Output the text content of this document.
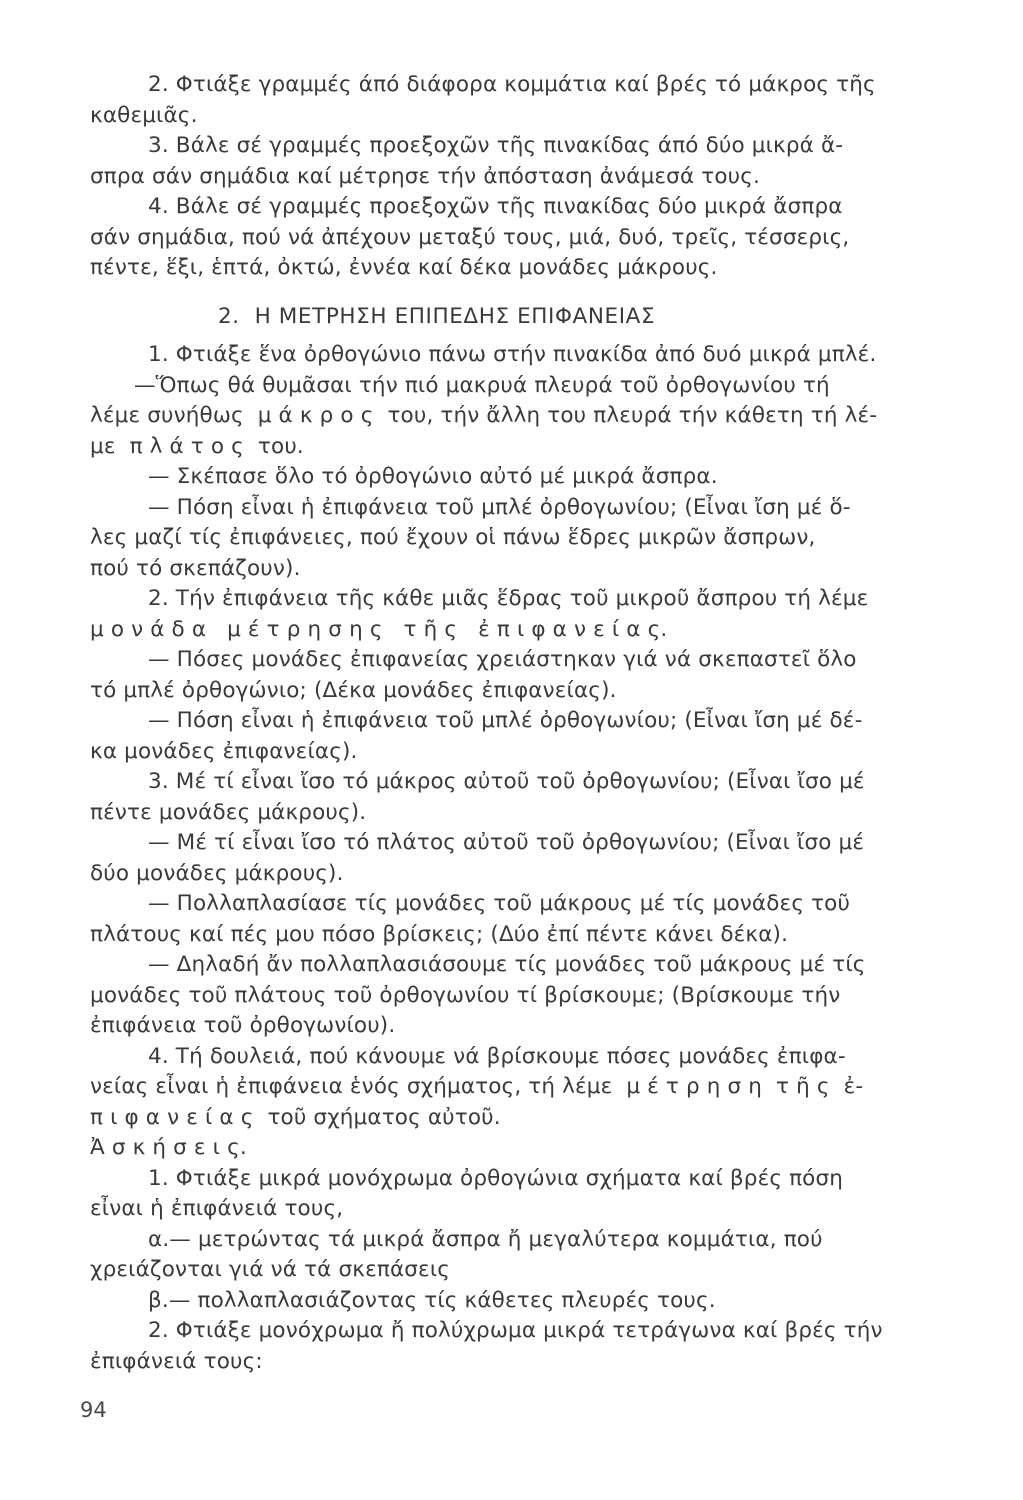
2. Φτιάξε γραμμές άπό διάφορα κομμάτια καί βρές τό μάκρος τῆς
καθεμιᾶς.
3. Βάλε σέ γραμμές προεξοχῶν τῆς πινακίδας άπό δύο μικρά ἄ-
σπρα σάν σημάδια καί μέτρησε τήν ἀπόσταση ἀνάμεσά τους.
4. Βάλε σέ γραμμές προεξοχῶν τῆς πινακίδας δύο μικρά ἄσπρα
σάν σημάδια, πού νά ἀπέχουν μεταξύ τους, μιά, δυό, τρεῖς, τέσσερις,
πέντε, ἕξι, ἑπτά, ὀκτώ, ἐννέα καί δέκα μονάδες μάκρους.
2.  Η ΜΕΤΡΗΣΗ ΕΠΙΠΕΔΗΣ ΕΠΙΦΑΝΕΙΑΣ
1. Φτιάξε ἕνα ὀρθογώνιο πάνω στήν πινακίδα ἀπό δυό μικρά μπλέ.
—Ὅπως θά θυμᾶσαι τήν πιό μακρυά πλευρά τοῦ ὀρθογωνίου τή
λέμε συνήθως  μ ά κ ρ ο ς  του, τήν ἄλλη του πλευρά τήν κάθετη τή λέ-
με  π λ ά τ ο ς  του.
— Σκέπασε ὅλο τό ὀρθογώνιο αὐτό μέ μικρά ἄσπρα.
— Πόση εἶναι ἡ ἐπιφάνεια τοῦ μπλέ ὀρθογωνίου; (Εἶναι ἴση μέ ὅ-
λες μαζί τίς ἐπιφάνειες, πού ἔχουν οἱ πάνω ἕδρες μικρῶν ἄσπρων,
πού τό σκεπάζουν).
2. Τήν ἐπιφάνεια τῆς κάθε μιᾶς ἕδρας τοῦ μικροῦ ἄσπρου τή λέμε
μ ο ν ά δ α   μ έ τ ρ η σ η ς   τ ῆ ς   ἐ π ι φ α ν ε ί α ς.
— Πόσες μονάδες ἐπιφανείας χρειάστηκαν γιά νά σκεπαστεῖ ὅλο
τό μπλέ ὀρθογώνιο; (Δέκα μονάδες ἐπιφανείας).
— Πόση εἶναι ἡ ἐπιφάνεια τοῦ μπλέ ὀρθογωνίου; (Εἶναι ἴση μέ δέ-
κα μονάδες ἐπιφανείας).
3. Μέ τί εἶναι ἴσο τό μάκρος αὐτοῦ τοῦ ὀρθογωνίου; (Εἶναι ἴσο μέ
πέντε μονάδες μάκρους).
— Μέ τί εἶναι ἴσο τό πλάτος αὐτοῦ τοῦ ὀρθογωνίου; (Εἶναι ἴσο μέ
δύο μονάδες μάκρους).
— Πολλαπλασίασε τίς μονάδες τοῦ μάκρους μέ τίς μονάδες τοῦ
πλάτους καί πές μου πόσο βρίσκεις; (Δύο ἐπί πέντε κάνει δέκα).
— Δηλαδή ἄν πολλαπλασιάσουμε τίς μονάδες τοῦ μάκρους μέ τίς
μονάδες τοῦ πλάτους τοῦ ὀρθογωνίου τί βρίσκουμε; (Βρίσκουμε τήν
ἐπιφάνεια τοῦ ὀρθογωνίου).
4. Τή δουλειά, πού κάνουμε νά βρίσκουμε πόσες μονάδες ἐπιφα-
νείας εἶναι ἡ ἐπιφάνεια ἑνός σχήματος, τή λέμε  μ έ τ ρ η σ η  τ ῆ ς  ἐ-
π ι φ α ν ε ί α ς  τοῦ σχήματος αὐτοῦ.
Ἀ σ κ ή σ ε ι ς.
1. Φτιάξε μικρά μονόχρωμα ὀρθογώνια σχήματα καί βρές πόση
εἶναι ἡ ἐπιφάνειά τους,
α.— μετρώντας τά μικρά ἄσπρα ἤ μεγαλύτερα κομμάτια, πού
χρειάζονται γιά νά τά σκεπάσεις
β.— πολλαπλασιάζοντας τίς κάθετες πλευρές τους.
2. Φτιάξε μονόχρωμα ἤ πολύχρωμα μικρά τετράγωνα καί βρές τήν
ἐπιφάνειά τους:
94
